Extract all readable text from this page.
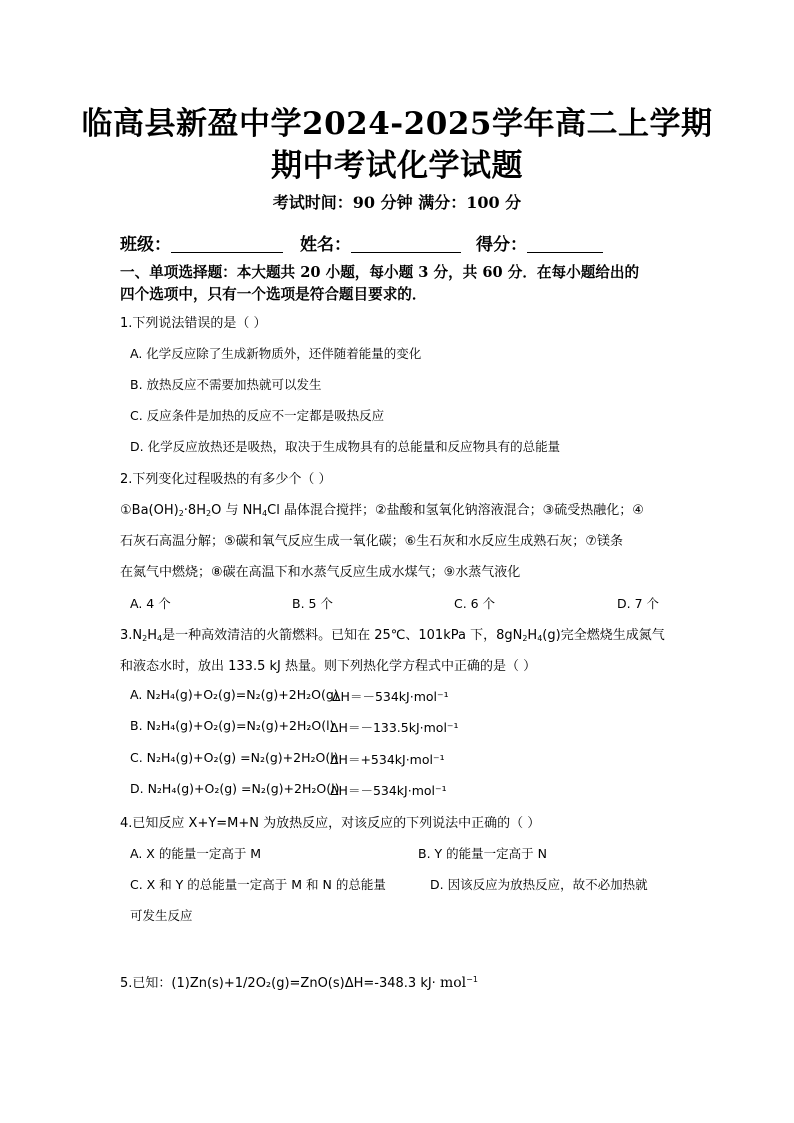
临高县新盈中学2024-2025学年高二上学期
期中考试化学试题
考试时间：90 分钟 满分：100 分
班级：	姓名：	得分：
一、单项选择题：本大题共 20 小题，每小题 3 分，共 60 分．在每小题给出的
四个选项中，只有一个选项是符合题目要求的．
1.下列说法错误的是（ ）
A. 化学反应除了生成新物质外，还伴随着能量的变化
B. 放热反应不需要加热就可以发生
C. 反应条件是加热的反应不一定都是吸热反应
D. 化学反应放热还是吸热，取决于生成物具有的总能量和反应物具有的总能量
2.下列变化过程吸热的有多少个（ ）
$①Ba(OH)_2\cdot 8H_2O$ 与 $NH_4Cl$ 晶体混合搅拌；②盐酸和氢氧化钠溶液混合；③硫受热融化；④
石灰石高温分解；⑤碳和氧气反应生成一氧化碳；⑥生石灰和水反应生成熟石灰；⑦镁条
在氮气中燃烧；⑧碳在高温下和水蒸气反应生成水煤气；⑨水蒸气液化
A. 4 个	B. 5 个	C. 6 个	D. 7 个
$3.N_2H_4$是一种高效清洁的火箭燃料。已知在 25℃、101kPa 下，$8gN_2H_4(g)$完全燃烧生成氮气
和液态水时，放出 133.5 kJ 热量。则下列热化学方程式中正确的是（ ）
A. N₂H₄(g)+O₂(g)=N₂(g)+2H₂O(g)
ΔH＝－534kJ·mol⁻¹
B. N₂H₄(g)+O₂(g)=N₂(g)+2H₂O(l)
ΔH＝－133.5kJ·mol⁻¹
C. N₂H₄(g)+O₂(g) =N₂(g)+2H₂O(l)
ΔH＝+534kJ·mol⁻¹
D. N₂H₄(g)+O₂(g) =N₂(g)+2H₂O(l)
ΔH＝－534kJ·mol⁻¹
4.已知反应 X+Y=M+N 为放热反应，对该反应的下列说法中正确的（ ）
A. X 的能量一定高于 M	B. Y 的能量一定高于 N
C. X 和 Y 的总能量一定高于 M 和 N 的总能量	D. 因该反应为放热反应，故不必加热就
可发生反应
5.已知：(1)Zn(s)+1/2O₂(g)=ZnO(s)ΔH=-348.3 kJ· mol$^{-1}$
